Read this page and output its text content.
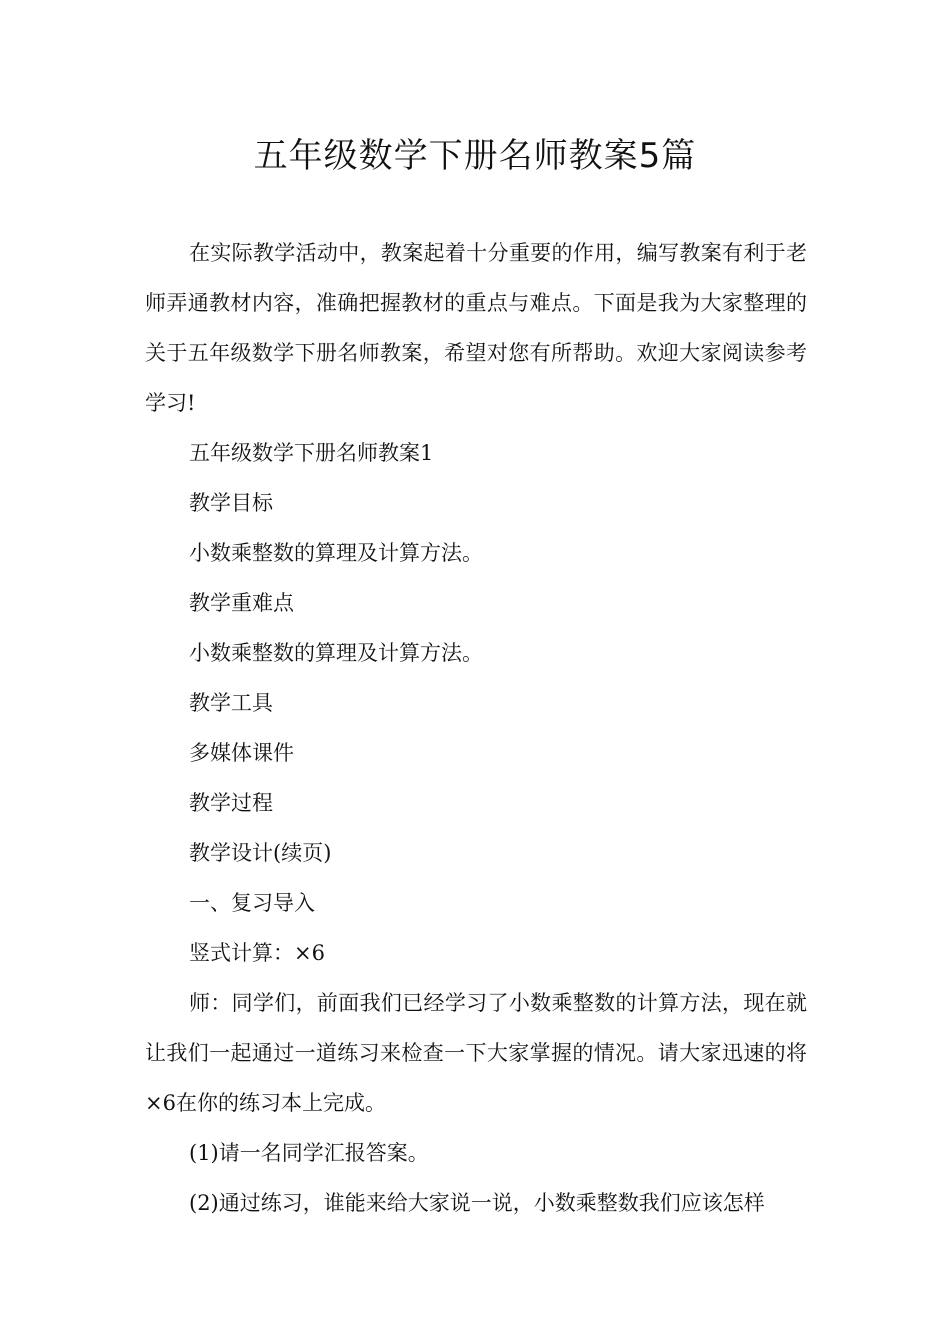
五年级数学下册名师教案5篇

在实际教学活动中，教案起着十分重要的作用，编写教案有利于老师弄通教材内容，准确把握教材的重点与难点。下面是我为大家整理的关于五年级数学下册名师教案，希望对您有所帮助。欢迎大家阅读参考学习!

五年级数学下册名师教案1

教学目标

小数乘整数的算理及计算方法。

教学重难点

小数乘整数的算理及计算方法。

教学工具

多媒体课件

教学过程

教学设计(续页)

一、复习导入

竖式计算：×6

师：同学们，前面我们已经学习了小数乘整数的计算方法，现在就让我们一起通过一道练习来检查一下大家掌握的情况。请大家迅速的将×6在你的练习本上完成。

(1)请一名同学汇报答案。

(2)通过练习，谁能来给大家说一说，小数乘整数我们应该怎样
